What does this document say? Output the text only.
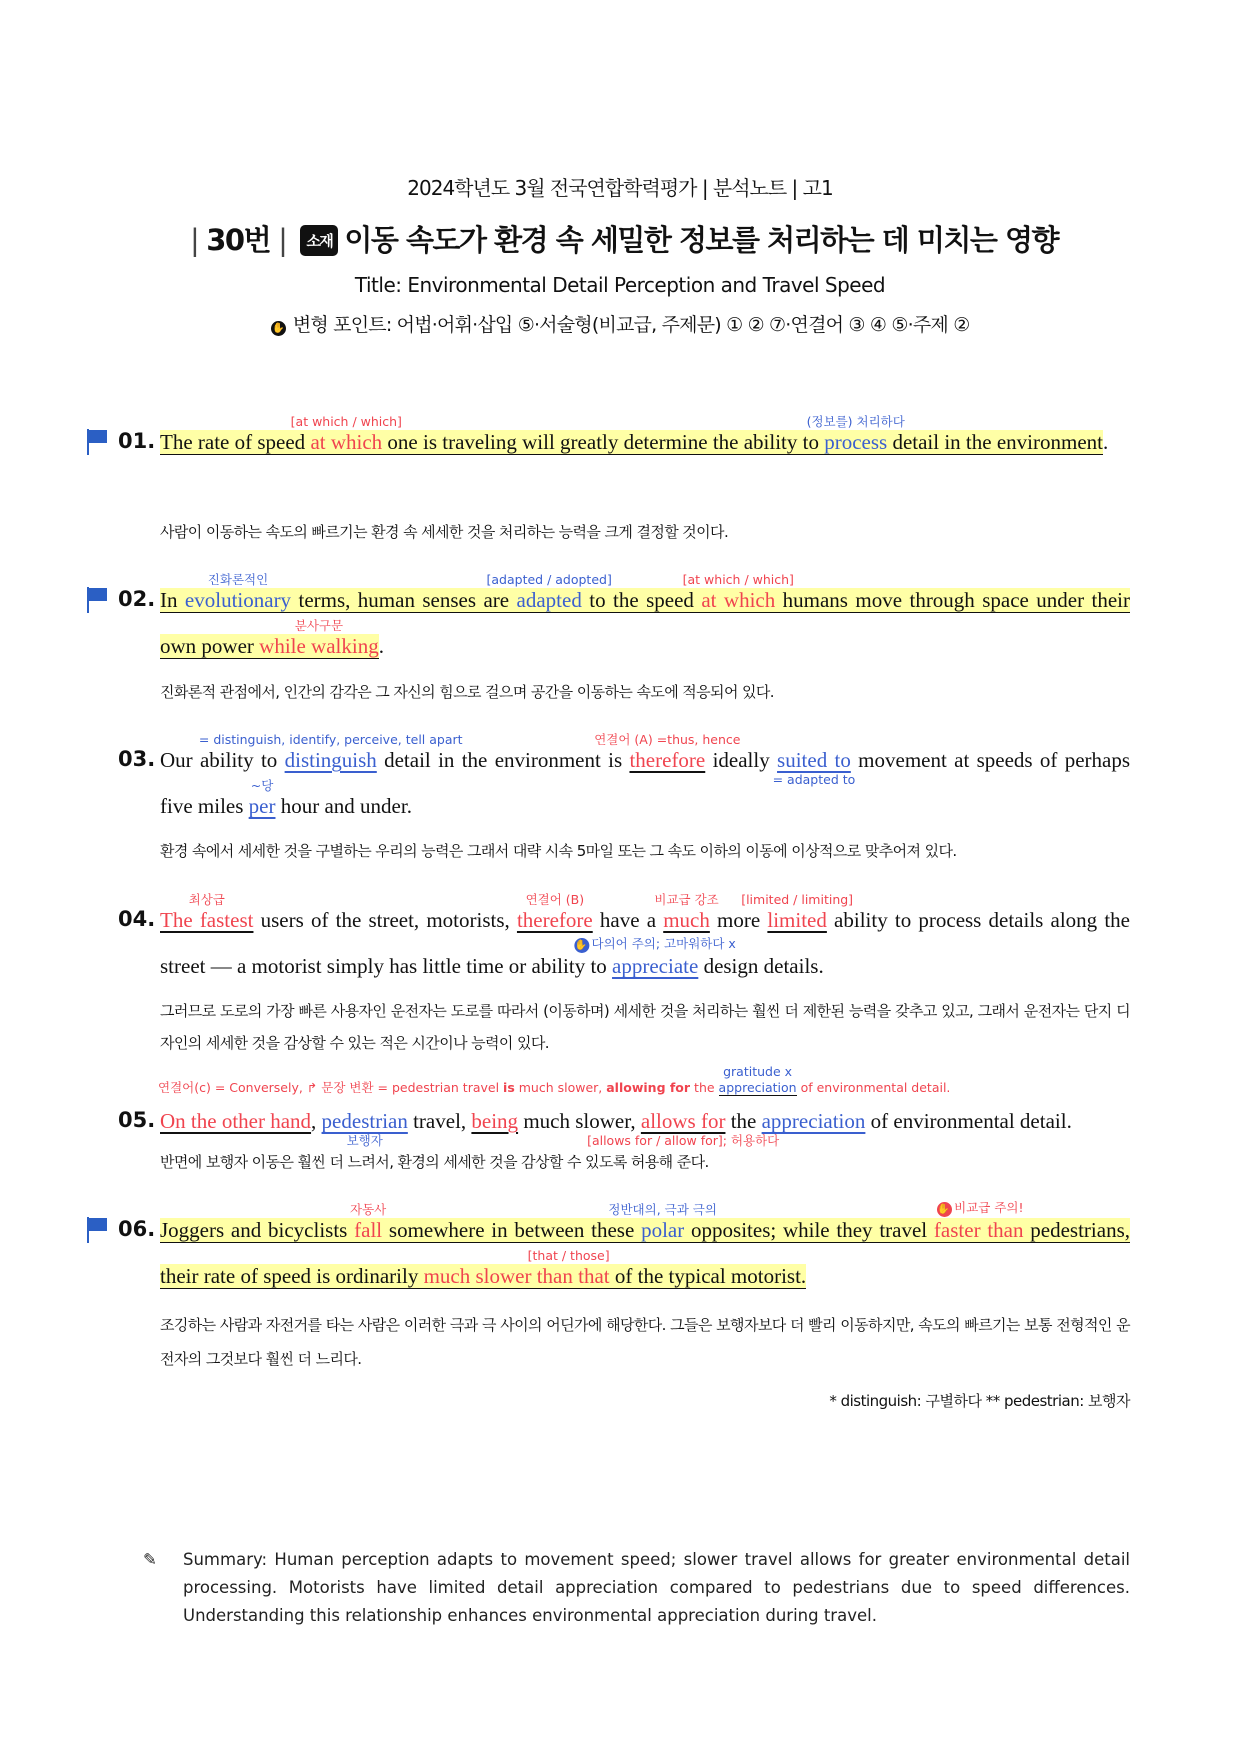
2024학년도 3월 전국연합학력평가 | 분석노트 | 고1
| 30번 | 소재 이동 속도가 환경 속 세밀한 정보를 처리하는 데 미치는 영향
Title: Environmental Detail Perception and Travel Speed
✋ 변형 포인트: 어법·어휘·삽입 ⑤·서술형(비교급, 주제문) ① ② ⑦·연결어 ③ ④ ⑤·주제 ②
01. The rate of speed at which
[at which / which]
one is traveling will greatly determine the ability to process
(정보를) 처리하다
detail in the environment.
사람이 이동하는 속도의 빠르기는 환경 속 세세한 것을 처리하는 능력을 크게 결정할 것이다.
02. In evolutionary
진화론적인
terms, human senses are adapted
[adapted / adopted]
to the speed at which
[at which / which]
humans move through space under their own power while walking
분사구문
.
진화론적 관점에서, 인간의 감각은 그 자신의 힘으로 걸으며 공간을 이동하는 속도에 적응되어 있다.
03. Our ability to distinguish
= distinguish, identify, perceive, tell apart
detail in the environment is therefore
연결어 (A) =thus, hence
ideally suited to
= adapted to
movement at speeds of perhaps five miles per
~당
hour and under.
환경 속에서 세세한 것을 구별하는 우리의 능력은 그래서 대략 시속 5마일 또는 그 속도 이하의 이동에 이상적으로 맞추어져 있다.
04. The fastest
최상급
users of the street, motorists, therefore
연결어 (B)
have a much
비교급 강조
more limited
[limited / limiting]
ability to process details along the street — a motorist simply has little time or ability to appreciate
✋ 다의어 주의; 고마워하다 x
design details.
그러므로 도로의 가장 빠른 사용자인 운전자는 도로를 따라서 (이동하며) 세세한 것을 처리하는 훨씬 더 제한된 능력을 갖추고 있고, 그래서 운전자는 단지 디자인의 세세한 것을 감상할 수 있는 적은 시간이나 능력이 있다.
05. On the other hand, pedestrian
보행자
travel, being much slower, allows for
[allows for / allow for]; 허용하다
the appreciation of environmental detail.
연결어(c) = Conversely, ↱ 문장 변환 = pedestrian travel is much slower, allowing for the appreciation
gratitude x
of environmental detail.
반면에 보행자 이동은 훨씬 더 느려서, 환경의 세세한 것을 감상할 수 있도록 허용해 준다.
06. Joggers and bicyclists fall
자동사
somewhere in between these polar
정반대의, 극과 극의
opposites; while they travel faster than
✋ 비교급 주의!
pedestrians, their rate of speed is ordinarily much slower than that
[that / those]
of the typical motorist.
조깅하는 사람과 자전거를 타는 사람은 이러한 극과 극 사이의 어딘가에 해당한다. 그들은 보행자보다 더 빨리 이동하지만, 속도의 빠르기는 보통 전형적인 운전자의 그것보다 훨씬 더 느리다.
* distinguish: 구별하다 ** pedestrian: 보행자
✎	Summary: Human perception adapts to movement speed; slower travel allows for greater environmental detail processing. Motorists have limited detail appreciation compared to pedestrians due to speed differences. Understanding this relationship enhances environmental appreciation during travel.
